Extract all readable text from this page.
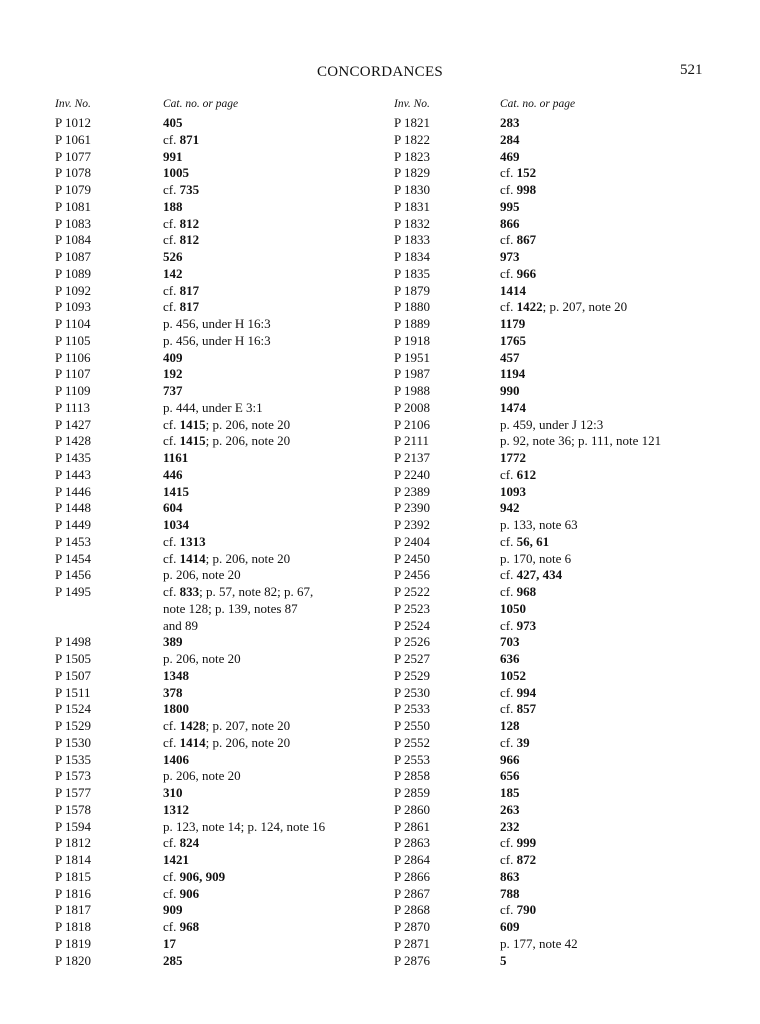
CONCORDANCES	521
Inv. No.	Cat. no. or page
P 1012	405
P 1061	cf. 871
P 1077	991
P 1078	1005
P 1079	cf. 735
P 1081	188
P 1083	cf. 812
P 1084	cf. 812
P 1087	526
P 1089	142
P 1092	cf. 817
P 1093	cf. 817
P 1104	p. 456, under H 16:3
P 1105	p. 456, under H 16:3
P 1106	409
P 1107	192
P 1109	737
P 1113	p. 444, under E 3:1
P 1427	cf. 1415; p. 206, note 20
P 1428	cf. 1415; p. 206, note 20
P 1435	1161
P 1443	446
P 1446	1415
P 1448	604
P 1449	1034
P 1453	cf. 1313
P 1454	cf. 1414; p. 206, note 20
P 1456	p. 206, note 20
P 1495	cf. 833; p. 57, note 82; p. 67,
note 128; p. 139, notes 87
and 89
P 1498	389
P 1505	p. 206, note 20
P 1507	1348
P 1511	378
P 1524	1800
P 1529	cf. 1428; p. 207, note 20
P 1530	cf. 1414; p. 206, note 20
P 1535	1406
P 1573	p. 206, note 20
P 1577	310
P 1578	1312
P 1594	p. 123, note 14; p. 124, note 16
P 1812	cf. 824
P 1814	1421
P 1815	cf. 906, 909
P 1816	cf. 906
P 1817	909
P 1818	cf. 968
P 1819	17
P 1820	285
Inv. No.	Cat. no. or page
P 1821	283
P 1822	284
P 1823	469
P 1829	cf. 152
P 1830	cf. 998
P 1831	995
P 1832	866
P 1833	cf. 867
P 1834	973
P 1835	cf. 966
P 1879	1414
P 1880	cf. 1422; p. 207, note 20
P 1889	1179
P 1918	1765
P 1951	457
P 1987	1194
P 1988	990
P 2008	1474
P 2106	p. 459, under J 12:3
P 2111	p. 92, note 36; p. 111, note 121
P 2137	1772
P 2240	cf. 612
P 2389	1093
P 2390	942
P 2392	p. 133, note 63
P 2404	cf. 56, 61
P 2450	p. 170, note 6
P 2456	cf. 427, 434
P 2522	cf. 968
P 2523	1050
P 2524	cf. 973
P 2526	703
P 2527	636
P 2529	1052
P 2530	cf. 994
P 2533	cf. 857
P 2550	128
P 2552	cf. 39
P 2553	966
P 2858	656
P 2859	185
P 2860	263
P 2861	232
P 2863	cf. 999
P 2864	cf. 872
P 2866	863
P 2867	788
P 2868	cf. 790
P 2870	609
P 2871	p. 177, note 42
P 2876	5
